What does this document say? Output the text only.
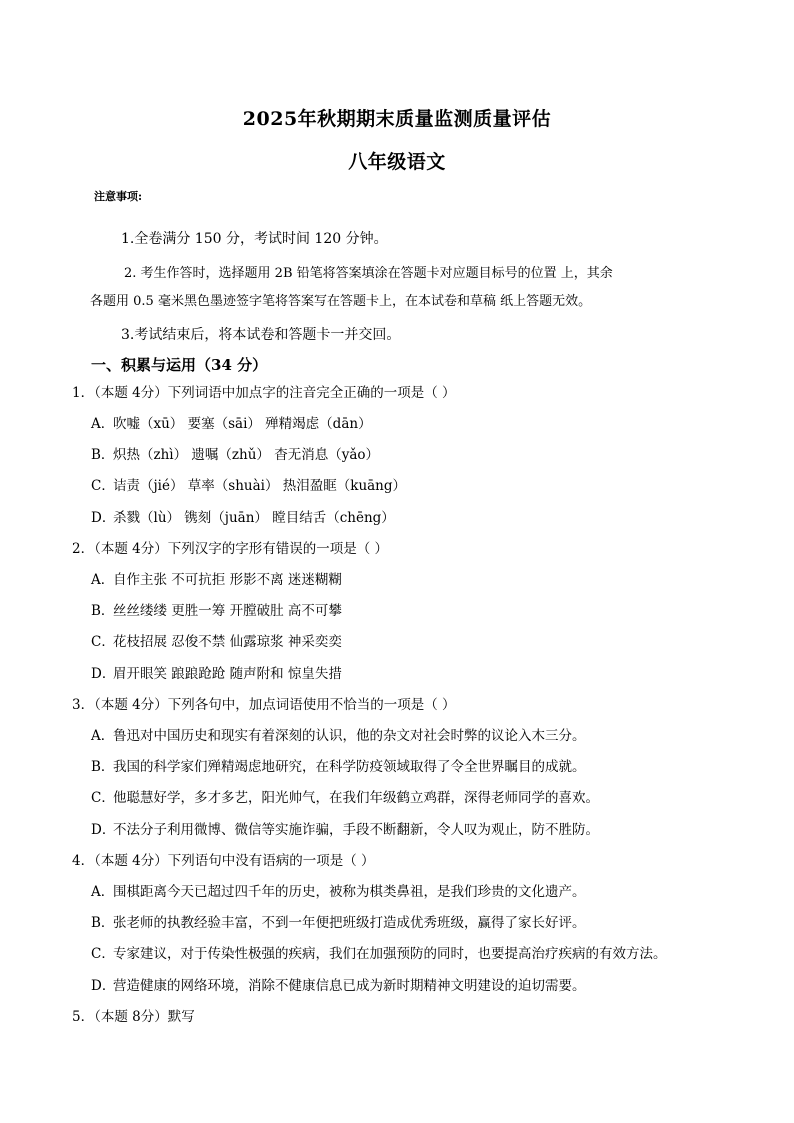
2025年秋期期末质量监测质量评估
八年级语文
注意事项:
1.全卷满分 150 分，考试时间 120 分钟。
2. 考生作答时，选择题用 2B 铅笔将答案填涂在答题卡对应题目标号的位置 上，其余
各题用 0.5 毫米黑色墨迹签字笔将答案写在答题卡上，在本试卷和草稿 纸上答题无效。
3.考试结束后，将本试卷和答题卡一并交回。
一、积累与运用（34 分）
1．（本题 4分）下列词语中加点字的注音完全正确的一项是（ ）
A．吹嘘（xū） 要塞（sāi） 殚精竭虑（dān）
B．炽热（zhì） 遗嘱（zhǔ） 杳无消息（yǎo）
C．诘责（jié） 草率（shuài） 热泪盈眶（kuāng）
D．杀戮（lù） 镌刻（juān） 瞠目结舌（chēng）
2．（本题 4分）下列汉字的字形有错误的一项是（ ）
A．自作主张 不可抗拒 形影不离 迷迷糊糊
B．丝丝缕缕 更胜一筹 开膛破肚 高不可攀
C．花枝招展 忍俊不禁 仙露琼浆 神采奕奕
D．眉开眼笑 踉踉跄跄 随声附和 惊皇失措
3．（本题 4分）下列各句中，加点词语使用不恰当的一项是（ ）
A．鲁迅对中国历史和现实有着深刻的认识，他的杂文对社会时弊的议论入木三分。
B．我国的科学家们殚精竭虑地研究，在科学防疫领域取得了令全世界瞩目的成就。
C．他聪慧好学，多才多艺，阳光帅气，在我们年级鹤立鸡群，深得老师同学的喜欢。
D．不法分子利用微博、微信等实施诈骗，手段不断翻新，令人叹为观止，防不胜防。
4．（本题 4分）下列语句中没有语病的一项是（ ）
A．围棋距离今天已超过四千年的历史，被称为棋类鼻祖，是我们珍贵的文化遗产。
B．张老师的执教经验丰富，不到一年便把班级打造成优秀班级，赢得了家长好评。
C．专家建议，对于传染性极强的疾病，我们在加强预防的同时，也要提高治疗疾病的有效方法。
D．营造健康的网络环境，消除不健康信息已成为新时期精神文明建设的迫切需要。
5．（本题 8分）默写
